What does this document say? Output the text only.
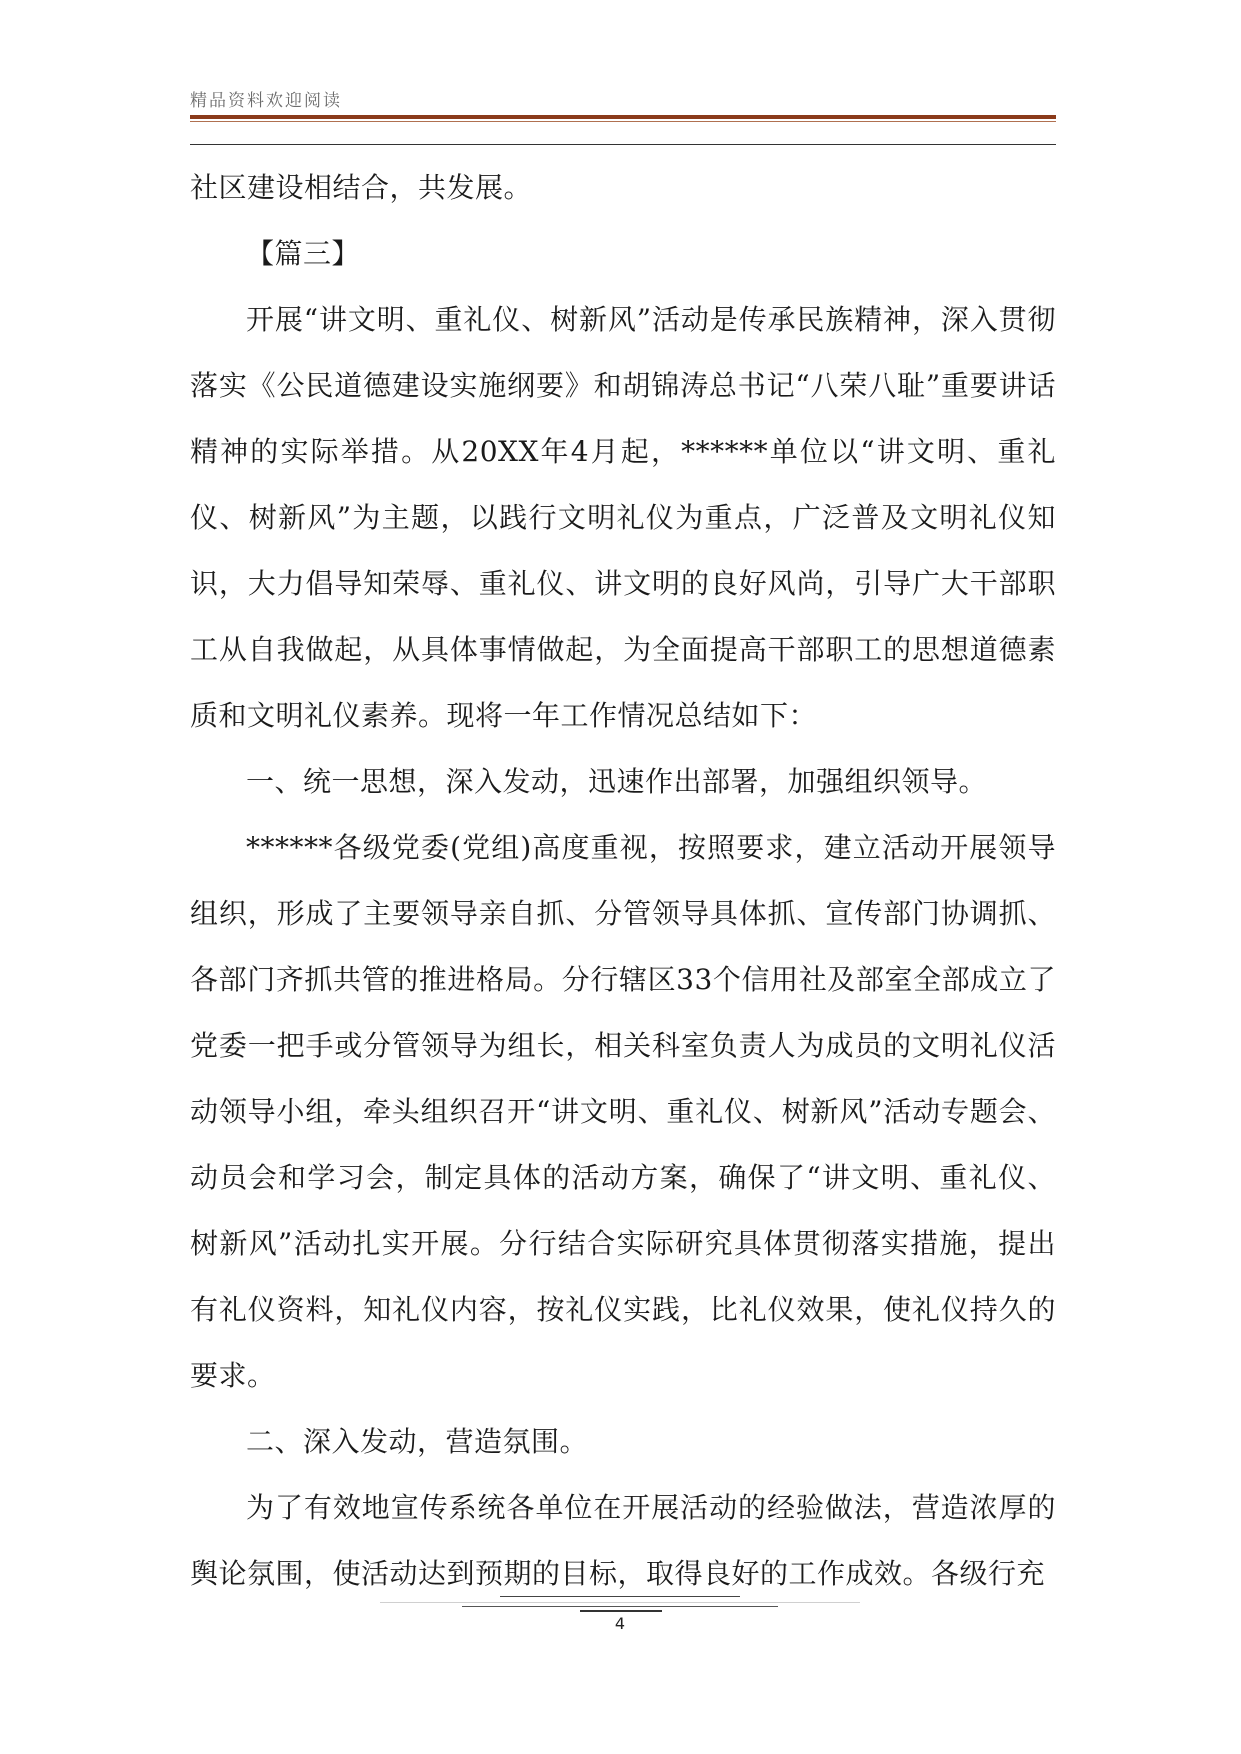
精品资料欢迎阅读

社区建设相结合，共发展。

【篇三】

开展“讲文明、重礼仪、树新风”活动是传承民族精神，深入贯彻落实《公民道德建设实施纲要》和胡锦涛总书记“八荣八耻”重要讲话精神的实际举措。从20XX年4月起，******单位以“讲文明、重礼仪、树新风”为主题，以践行文明礼仪为重点，广泛普及文明礼仪知识，大力倡导知荣辱、重礼仪、讲文明的良好风尚，引导广大干部职工从自我做起，从具体事情做起，为全面提高干部职工的思想道德素质和文明礼仪素养。现将一年工作情况总结如下：

一、统一思想，深入发动，迅速作出部署，加强组织领导。

******各级党委(党组)高度重视，按照要求，建立活动开展领导组织，形成了主要领导亲自抓、分管领导具体抓、宣传部门协调抓、各部门齐抓共管的推进格局。分行辖区33个信用社及部室全部成立了党委一把手或分管领导为组长，相关科室负责人为成员的文明礼仪活动领导小组，牵头组织召开“讲文明、重礼仪、树新风”活动专题会、动员会和学习会，制定具体的活动方案，确保了“讲文明、重礼仪、树新风”活动扎实开展。分行结合实际研究具体贯彻落实措施，提出有礼仪资料，知礼仪内容，按礼仪实践，比礼仪效果，使礼仪持久的要求。

二、深入发动，营造氛围。

为了有效地宣传系统各单位在开展活动的经验做法，营造浓厚的舆论氛围，使活动达到预期的目标，取得良好的工作成效。各级行充

4
